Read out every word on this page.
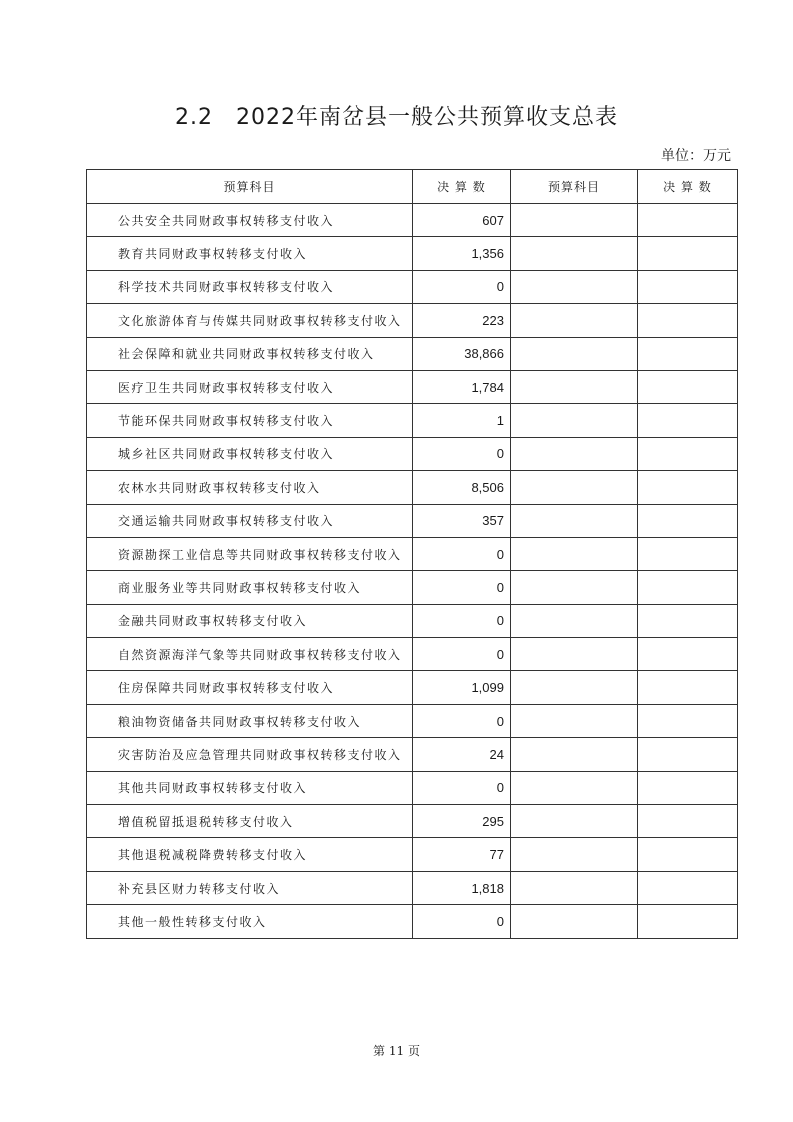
2.2　2022年南岔县一般公共预算收支总表
单位：万元
预算科目	决 算 数	预算科目	决 算 数
公共安全共同财政事权转移支付收入	607		
教育共同财政事权转移支付收入	1,356		
科学技术共同财政事权转移支付收入	0		
文化旅游体育与传媒共同财政事权转移支付收入	223		
社会保障和就业共同财政事权转移支付收入	38,866		
医疗卫生共同财政事权转移支付收入	1,784		
节能环保共同财政事权转移支付收入	1		
城乡社区共同财政事权转移支付收入	0		
农林水共同财政事权转移支付收入	8,506		
交通运输共同财政事权转移支付收入	357		
资源勘探工业信息等共同财政事权转移支付收入	0		
商业服务业等共同财政事权转移支付收入	0		
金融共同财政事权转移支付收入	0		
自然资源海洋气象等共同财政事权转移支付收入	0		
住房保障共同财政事权转移支付收入	1,099		
粮油物资储备共同财政事权转移支付收入	0		
灾害防治及应急管理共同财政事权转移支付收入	24		
其他共同财政事权转移支付收入	0		
增值税留抵退税转移支付收入	295		
其他退税减税降费转移支付收入	77		
补充县区财力转移支付收入	1,818		
其他一般性转移支付收入	0		
第 11 页
